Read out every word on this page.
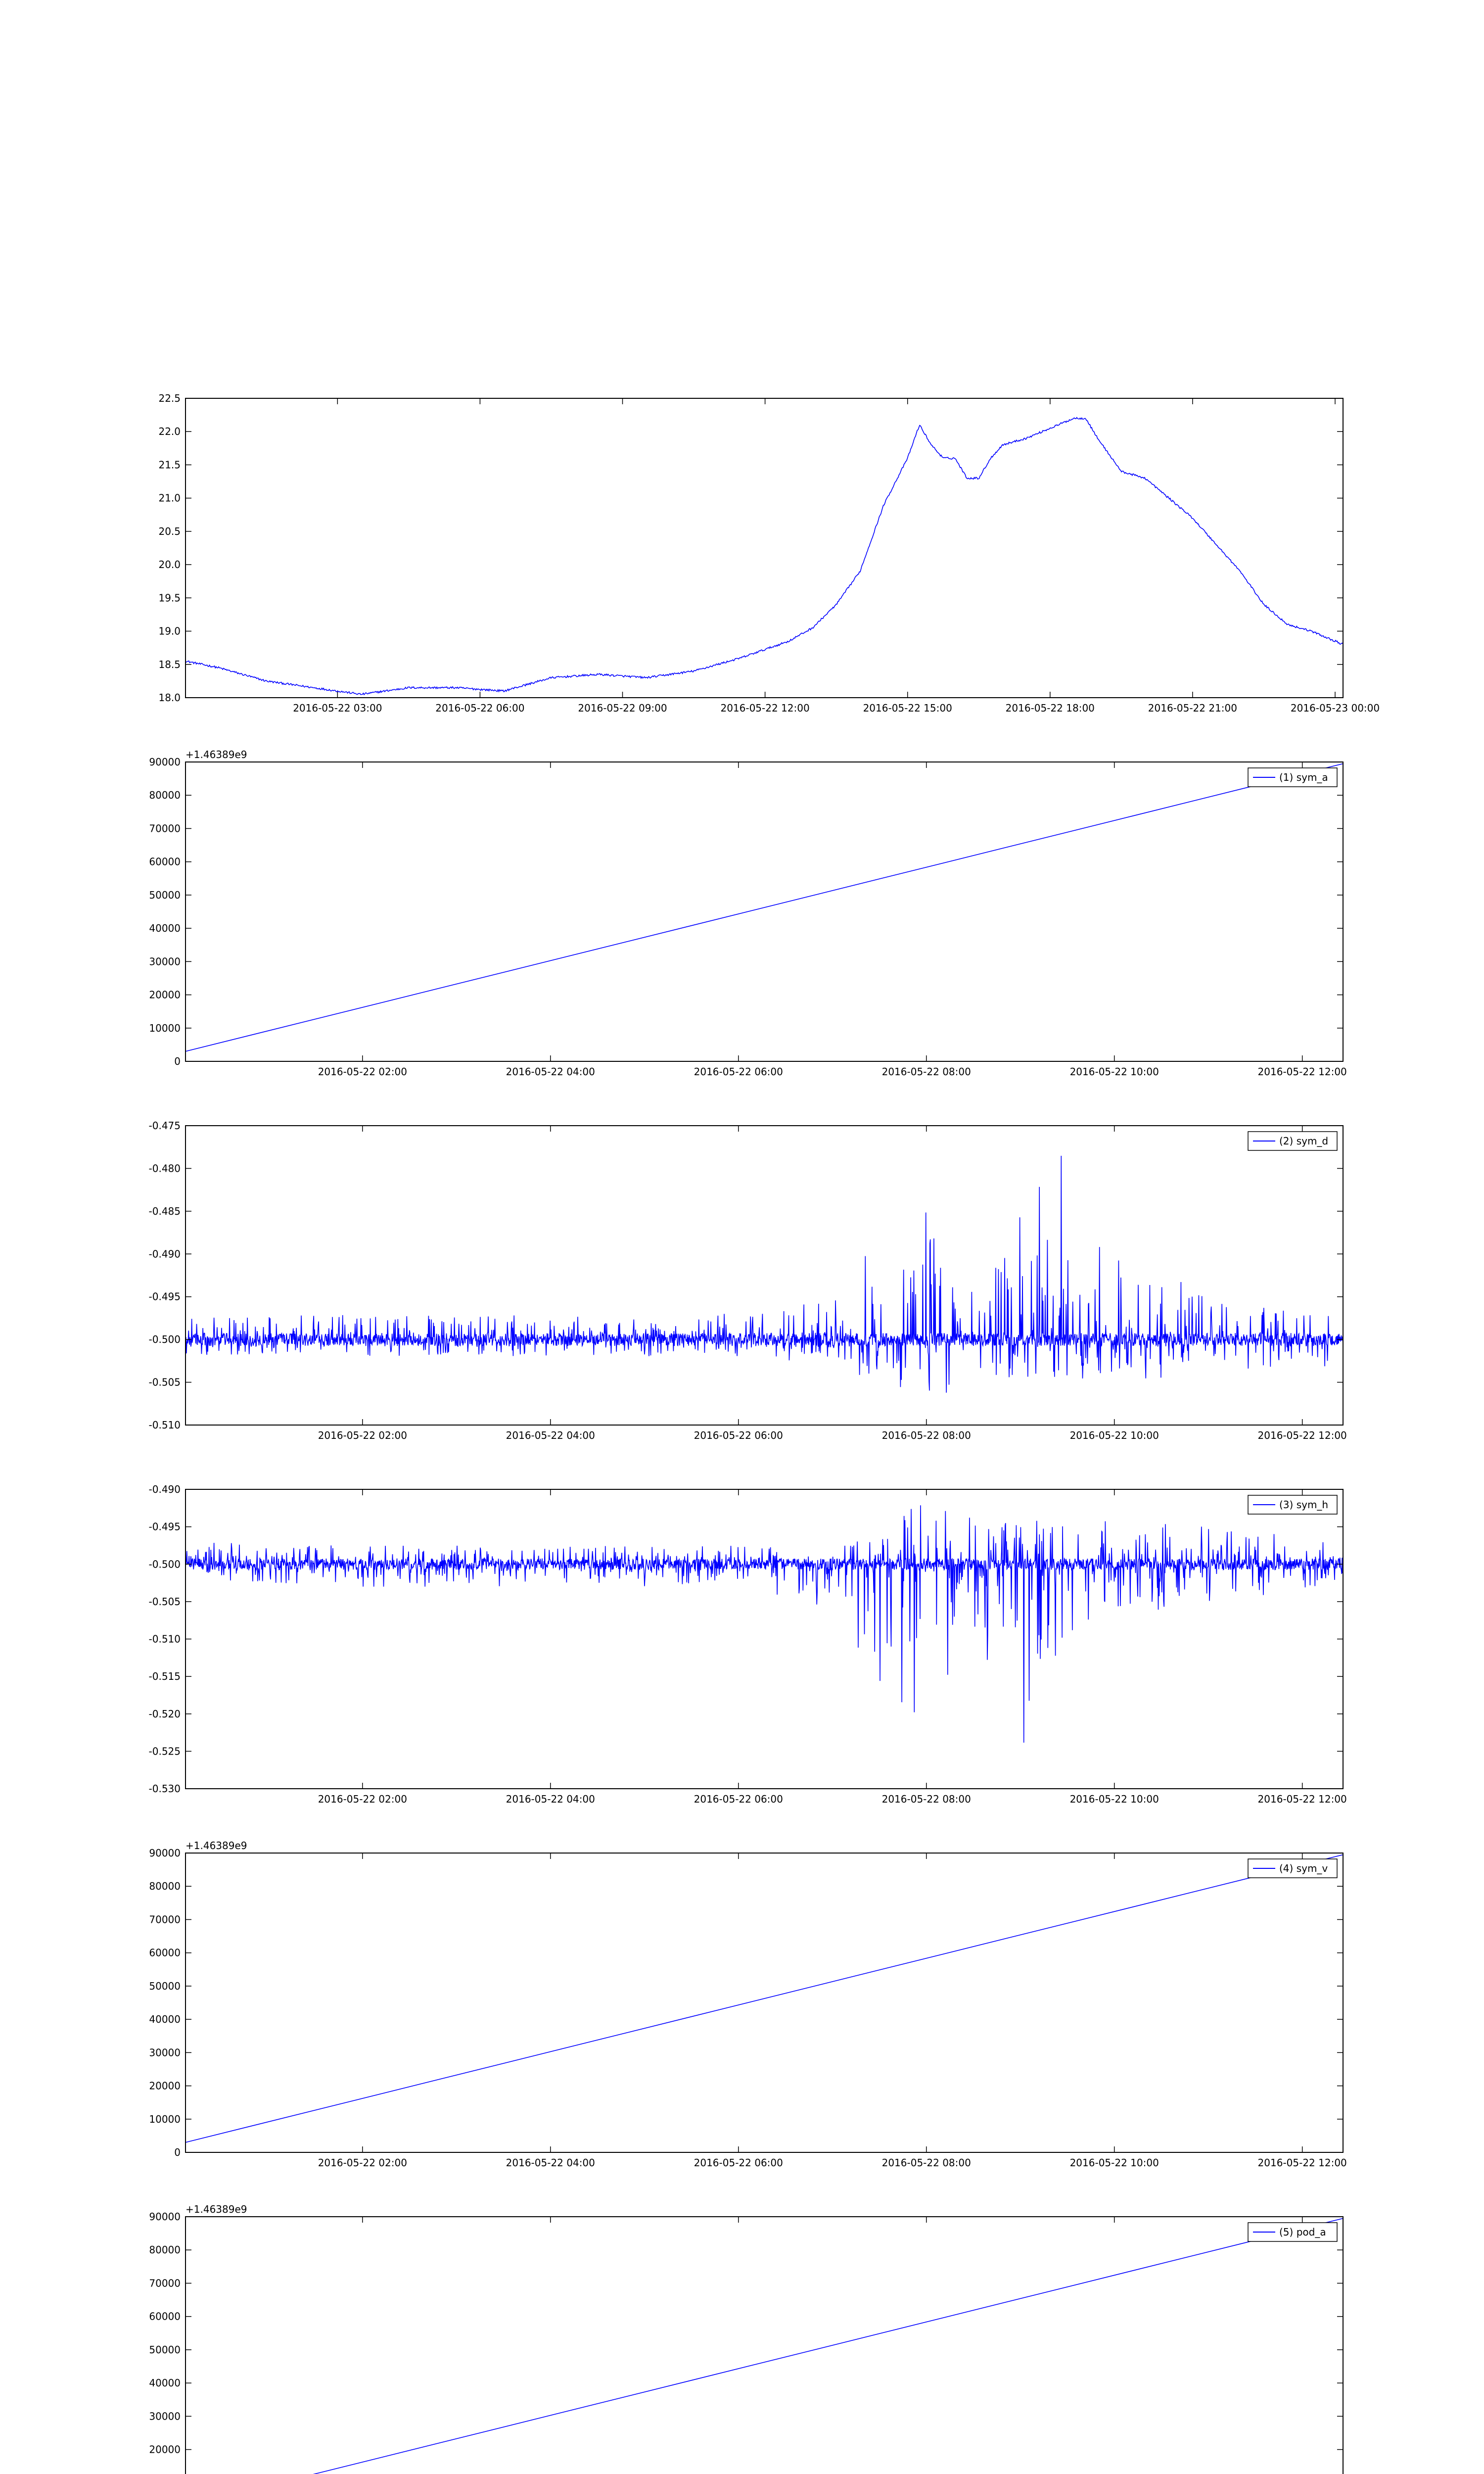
18.0
18.5
19.0
19.5
20.0
20.5
21.0
21.5
22.0
22.5
2016-05-22 03:00	2016-05-22 06:00	2016-05-22 09:00	2016-05-22 12:00	2016-05-22 15:00	2016-05-22 18:00	2016-05-22 21:00	2016-05-23 00:00
0
10000
20000
30000
40000
50000
60000
70000
80000
90000
2016-05-22 02:00	2016-05-22 04:00	2016-05-22 06:00	2016-05-22 08:00	2016-05-22 10:00	2016-05-22 12:00
+1.46389e9
(1) sym_a
-0.510
-0.505
-0.500
-0.495
-0.490
-0.485
-0.480
-0.475
2016-05-22 02:00	2016-05-22 04:00	2016-05-22 06:00	2016-05-22 08:00	2016-05-22 10:00	2016-05-22 12:00
(2) sym_d
-0.530
-0.525
-0.520
-0.515
-0.510
-0.505
-0.500
-0.495
-0.490
2016-05-22 02:00	2016-05-22 04:00	2016-05-22 06:00	2016-05-22 08:00	2016-05-22 10:00	2016-05-22 12:00
(3) sym_h
0
10000
20000
30000
40000
50000
60000
70000
80000
90000
2016-05-22 02:00	2016-05-22 04:00	2016-05-22 06:00	2016-05-22 08:00	2016-05-22 10:00	2016-05-22 12:00
+1.46389e9
(4) sym_v
20000
30000
40000
50000
60000
70000
80000
90000
+1.46389e9
(5) pod_a
